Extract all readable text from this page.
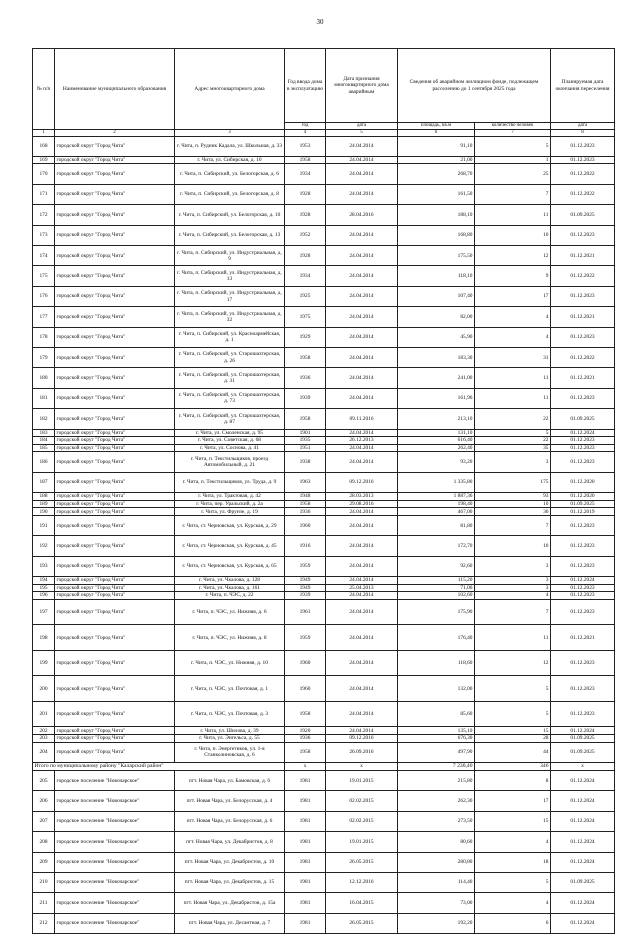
30
№ п/п	Наименование муниципального образования	Адрес многоквартирного дома	Год ввода дома в эксплуатацию	Дата признания многоквартирного дома аварийным	Сведения об аварийном жилищном фонде, подлежащем расселению до 1 сентября 2025 года		Планируемая дата окончания переселения
			год	дата	площадь, кв.м	количество человек	дата
1	2	3	4	5	6	7	8
168	городской округ "Город Чита"	г. Чита, п. Рудник Кадала, ул. Школьная, д. 33	1953	24.04.2014	91,10	5	01.12.2023
169	городской округ "Город Чита"	г. Чита, ул. Сибирская, д. 10	1958	24.04.2014	21,00	1	01.12.2023
170	городской округ "Город Чита"	г. Чита, п. Сибирский, ул. Белогорская, д. 6	1934	24.04.2014	268,70	25	01.12.2022
171	городской округ "Город Чита"	г. Чита, п. Сибирский, ул. Белогорская, д. 8	1928	24.04.2014	161,50	7	01.12.2022
172	городской округ "Город Чита"	г. Чита, п. Сибирский, ул. Белогорская, д. 10	1928	28.04.2016	188,10	11	01.09.2025
173	городской округ "Город Чита"	г. Чита, п. Сибирский, ул. Белогорская, д. 13	1952	24.04.2014	168,80	10	01.12.2023
174	городской округ "Город Чита"	г. Чита, п. Сибирский, ул. Индустриальная, д. 9	1928	24.04.2014	175,50	12	01.12.2021
175	городской округ "Город Чита"	г. Чита, п. Сибирский, ул. Индустриальная, д. 13	1934	24.04.2014	118,10	9	01.12.2022
176	городской округ "Город Чита"	г. Чита, п. Сибирский, ул. Индустриальная, д. 17	1925	24.04.2014	107,40	17	01.12.2023
177	городской округ "Город Чита"	г. Чита, п. Сибирский, ул. Индустриальная, д. 32	1975	24.04.2014	82,00	4	01.12.2021
178	городской округ "Город Чита"	г. Чита, п. Сибирский, ул. Красноармейская, д. 1	1929	24.04.2014	45,90	4	01.12.2023
179	городской округ "Город Чита"	г. Чита, п. Сибирский, ул. Старошахтерская, д. 26	1958	24.04.2014	183,30	31	01.12.2022
180	городской округ "Город Чита"	г. Чита, п. Сибирский, ул. Старошахтерская, д. 31	1936	24.04.2014	241,00	11	01.12.2021
181	городской округ "Город Чита"	г. Чита, п. Сибирский, ул. Старошахтерская, д. 73	1939	24.04.2014	161,96	11	01.12.2023
182	городской округ "Город Чита"	г. Чита, п. Сибирский, ул. Старошахтерская, д. 87	1958	09.11.2016	213,10	22	01.09.2025
183	городской округ "Город Чита"	г. Чита, ул. Смоленская, д. 95	1901	24.04.2014	131,10	5	01.12.2024
184	городской округ "Город Чита"	г. Чита, ул. Советская, д. 68	1935	26.12.2013	616,40	22	01.12.2023
185	городской округ "Город Чита"	г. Чита, ул. Соснова, д. 41	1951	24.04.2014	262,40	35	01.12.2023
186	городской округ "Город Чита"	г. Чита, п. Текстильщиков, проезд Автомобильный, д. 21	1938	24.04.2014	93,20	3	01.12.2023
187	городской округ "Город Чита"	г. Чита, п. Текстильщиков, ул. Труда, д. 9	1963	09.12.2016	1 335,80	175	01.12.2020
188	городской округ "Город Чита"	г. Чита, ул. Трактовая, д. 42	1948	28.03.2013	1 887,36	93	01.12.2020
189	городской округ "Город Чита"	г. Чита, пер. Уральский, д. 2а	1958	29.08.2016	198,40	10	01.09.2025
190	городской округ "Город Чита"	г. Чита, ул. Фрунзе, д. 19	1936	24.04.2014	467,00	36	01.12.2019
191	городской округ "Город Чита"	г. Чита, ст. Черновская, ул. Курская, д. 29	1960	24.04.2014	81,80	7	01.12.2023
192	городской округ "Город Чита"	г. Чита, ст. Черновская, ул. Курская, д. 45	1916	24.04.2014	172,70	10	01.12.2023
193	городской округ "Город Чита"	г. Чита, ст. Черновская, ул. Курская, д. 65	1959	24.04.2014	92,60	3	01.12.2023
194	городской округ "Город Чита"	г. Чита, ул. Чкалова, д. 128	1949	24.04.2014	115,20	3	01.12.2024
195	городской округ "Город Чита"	г. Чита, ул. Чкалова, д. 161	1949	25.04.2013	71,00	3	01.12.2023
196	городской округ "Город Чита"	г. Чита, п. ЧЭС, д. 22	1939	24.04.2014	102,60	4	01.12.2023
197	городской округ "Город Чита"	г. Чита, п. ЧЭС, ул. Нижняя, д. 6	1961	24.04.2014	175,90	7	01.12.2023
198	городской округ "Город Чита"	г. Чита, п. ЧЭС, ул. Нижняя, д. 8	1959	24.04.2014	176,40	11	01.12.2021
199	городской округ "Город Чита"	г. Чита, п. ЧЭС, ул. Нижняя, д. 10	1960	24.04.2014	118,60	12	01.12.2023
200	городской округ "Город Чита"	г. Чита, п. ЧЭС, ул. Почтовая, д. 1	1960	24.04.2014	132,00	5	01.12.2023
201	городской округ "Город Чита"	г. Чита, п. ЧЭС, ул. Почтовая, д. 3	1958	24.04.2014	85,60	5	01.12.2023
202	городской округ "Город Чита"	г. Чита, ул. Шилова, д. 39	1920	24.04.2014	135,10	15	01.12.2024
203	городской округ "Город Чита"	г. Чита, ул. Энгельса, д. 55	1936	09.12.2016	676,30	28	01.09.2025
204	городской округ "Город Чита"	г. Чита, п. Энергетиков, ул. 1-я Станколиновская, д. 6	1958	26.09.2016	497,90	44	01.09.2025
Итого по муниципальному району "Каларский район"			x	x	7 230,40	346	x
205	городское поселение "Новочарское"	пгт. Новая Чара, ул. Бамовская, д. 6	1981	19.01.2015	215,80	8	01.12.2024
206	городское поселение "Новочарское"	пгт. Новая Чара, ул. Белорусская, д. 4	1981	02.02.2015	262,30	17	01.12.2024
207	городское поселение "Новочарское"	пгт. Новая Чара, ул. Белорусская, д. 6	1981	02.02.2015	273,50	15	01.12.2024
208	городское поселение "Новочарское"	пгт. Новая Чара, ул. Декабристов, д. 8	1981	19.01.2015	80,60	4	01.12.2024
209	городское поселение "Новочарское"	пгт. Новая Чара, ул. Декабристов, д. 10	1981	26.05.2015	280,80	18	01.12.2024
210	городское поселение "Новочарское"	пгт. Новая Чара, ул. Декабристов, д. 15	1981	12.12.2016	114,40	5	01.09.2025
211	городское поселение "Новочарское"	пгт. Новая Чара, ул. Декабристов, д. 15а	1981	16.04.2015	73,00	4	01.12.2024
212	городское поселение "Новочарское"	пгт. Новая Чара, ул. Десантная, д. 7	1981	26.05.2015	192,20	6	01.12.2024
